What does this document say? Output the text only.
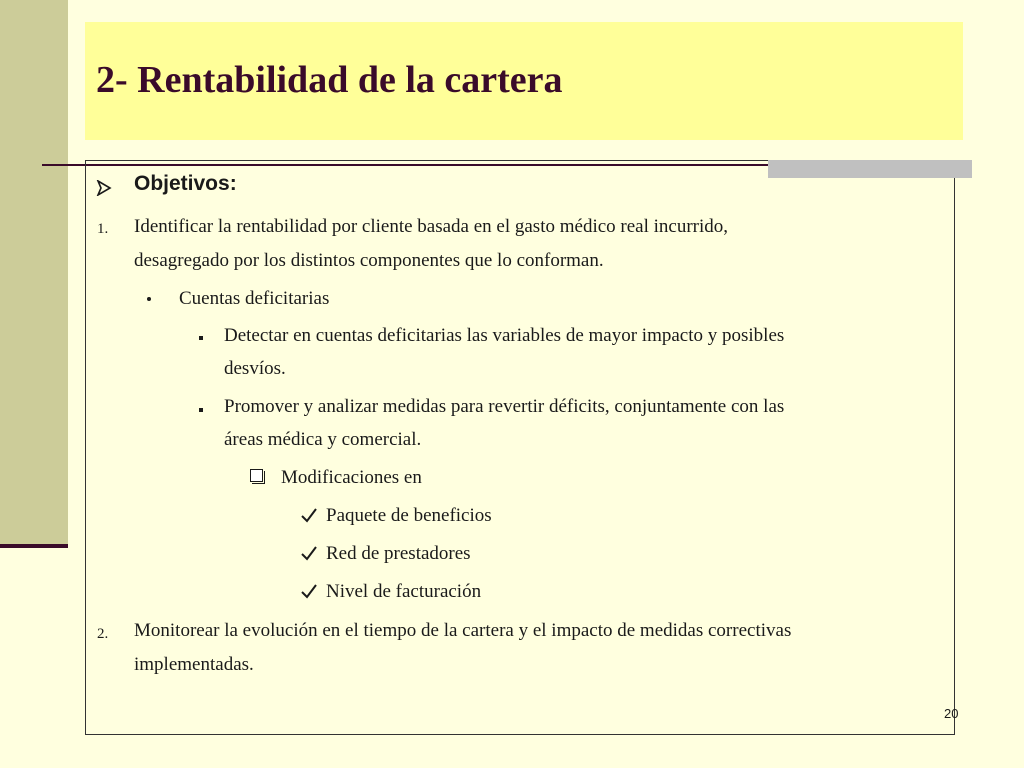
2- Rentabilidad de la cartera
Objetivos:
1. Identificar la rentabilidad por cliente basada en el gasto médico real incurrido,
desagregado por los distintos componentes que lo conforman.
Cuentas deficitarias
Detectar en cuentas deficitarias las variables de mayor impacto y posibles
desvíos.
Promover y analizar medidas para revertir déficits, conjuntamente con las
áreas médica y comercial.
Modificaciones en
Paquete de beneficios
Red de prestadores
Nivel de facturación
2. Monitorear la evolución en el tiempo de la cartera y el impacto de medidas correctivas
implementadas.
20
